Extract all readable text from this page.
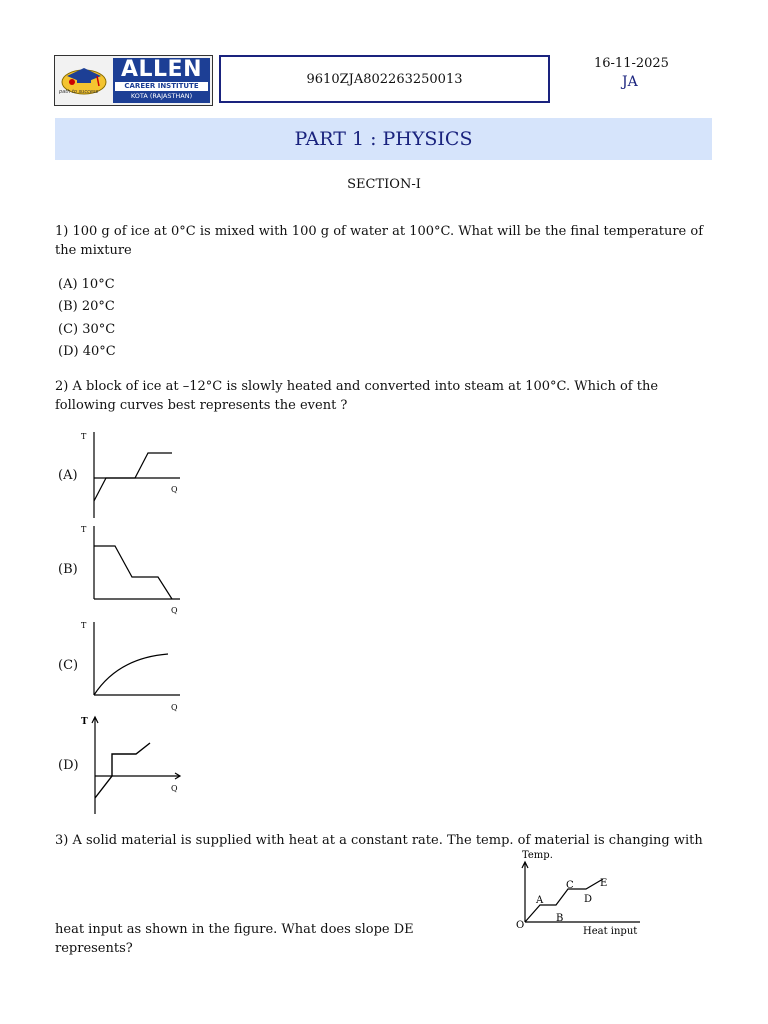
path to success
ALLEN
CAREER INSTITUTE
KOTA (RAJASTHAN)
9610ZJA802263250013
16-11-2025
JA
PART 1 : PHYSICS
SECTION-I
1) 100 g of ice at 0°C is mixed with 100 g of water at 100°C. What will be the final temperature of the mixture
(A) 10°C
(B) 20°C
(C) 30°C
(D) 40°C
2) A block of ice at –12°C is slowly heated and converted into steam at 100°C. Which of the following curves best represents the event ?
(A)
T
Q
(B)
T
Q
(C)
T
Q
(D)
T
Q
3) A solid material is supplied with heat at a constant rate. The temp. of material is changing with
heat input as shown in the figure. What does slope DE represents?
Temp.
O
A
B
C
D
E
Heat input
